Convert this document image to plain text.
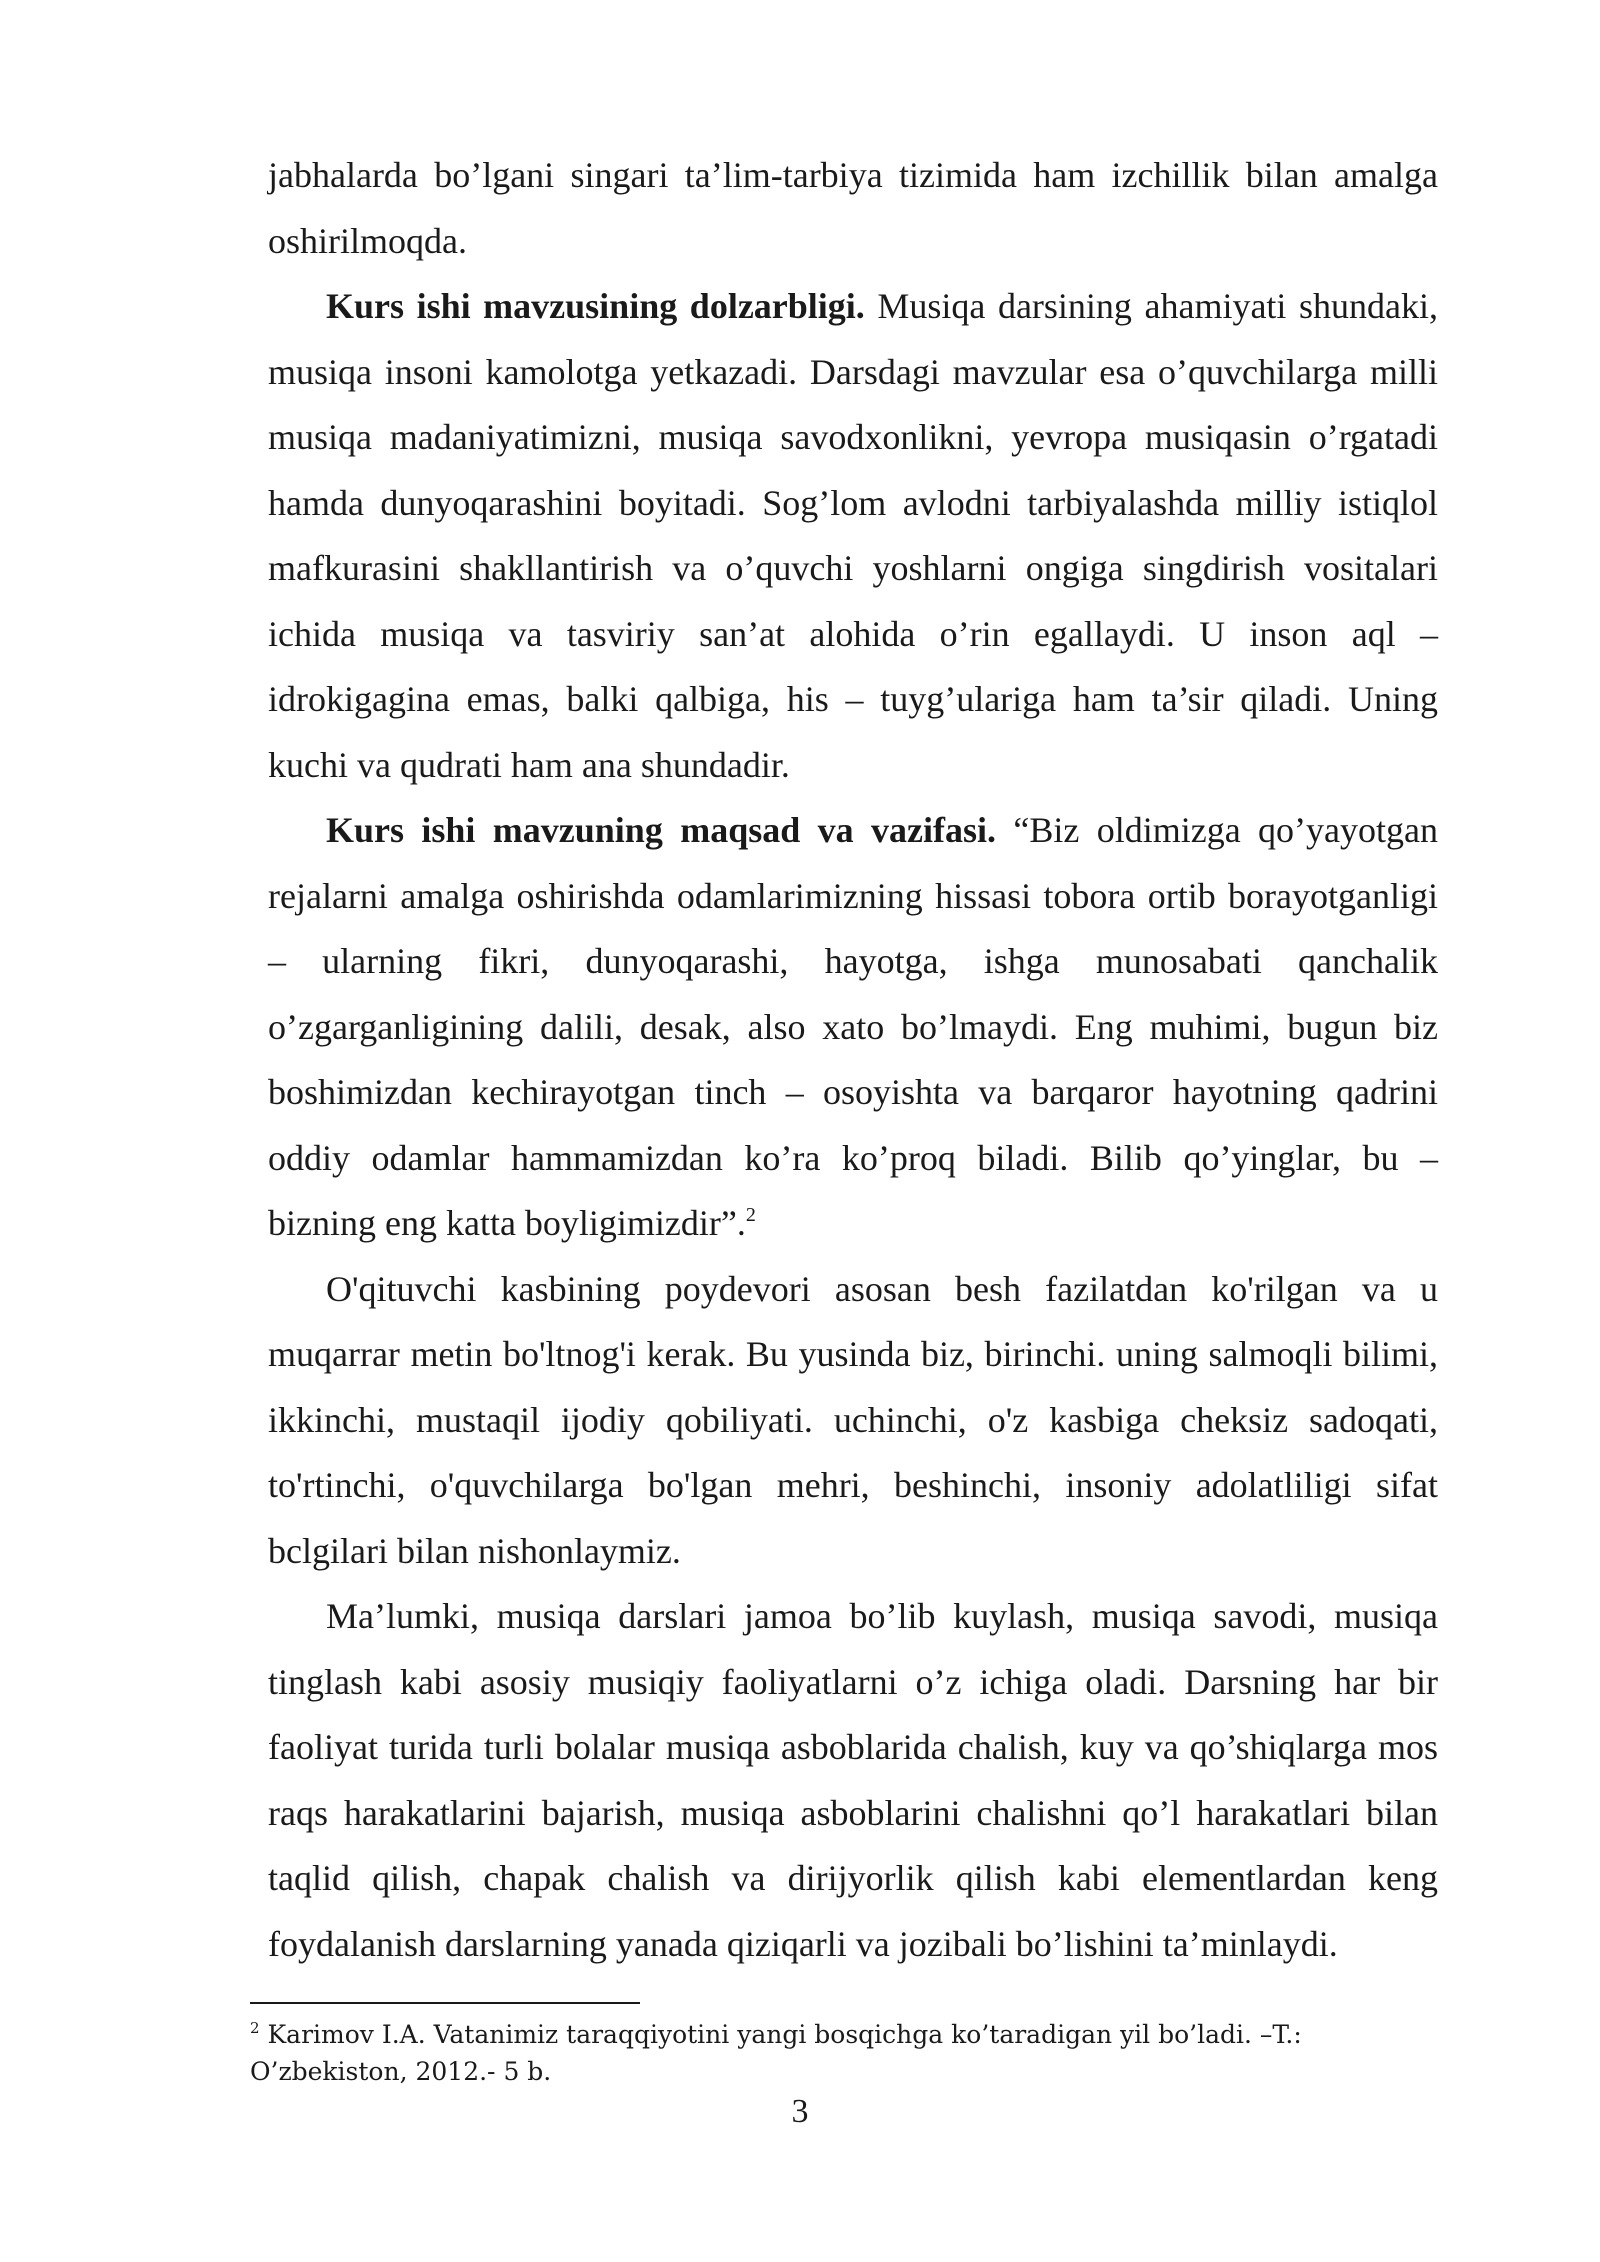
jabhalarda bo’lgani singari ta’lim-tarbiya tizimida ham izchillik bilan amalga oshirilmoqda.

Kurs ishi mavzusining dolzarbligi. Musiqa darsining ahamiyati shundaki, musiqa insoni kamolotga yetkazadi. Darsdagi mavzular esa o’quvchilarga milli musiqa madaniyatimizni, musiqa savodxonlikni, yevropa musiqasin o’rgatadi hamda dunyoqarashini boyitadi. Sog’lom avlodni tarbiyalashda milliy istiqlol mafkurasini shakllantirish va o’quvchi yoshlarni ongiga singdirish vositalari ichida musiqa va tasviriy san’at alohida o’rin egallaydi. U inson aql – idrokigagina emas, balki qalbiga, his – tuyg’ulariga ham ta’sir qiladi. Uning kuchi va qudrati ham ana shundadir.

Kurs ishi mavzuning maqsad va vazifasi. “Biz oldimizga qo’yayotgan rejalarni amalga oshirishda odamlarimizning hissasi tobora ortib borayotganligi – ularning fikri, dunyoqarashi, hayotga, ishga munosabati qanchalik o’zgarganligining dalili, desak, also xato bo’lmaydi. Eng muhimi, bugun biz boshimizdan kechirayotgan tinch – osoyishta va barqaror hayotning qadrini oddiy odamlar hammamizdan ko’ra ko’proq biladi. Bilib qo’yinglar, bu – bizning eng katta boyligimizdir”.$^2$

O'qituvchi kasbining poydevori asosan besh fazilatdan ko'rilgan va u muqarrar metin bo'ltnog'i kerak. Bu yusinda biz, birinchi. uning salmoqli bilimi, ikkinchi, mustaqil ijodiy qobiliyati. uchinchi, o'z kasbiga cheksiz sadoqati, to'rtinchi, o'quvchilarga bo'lgan mehri, beshinchi, insoniy adolatliligi sifat bclgilari bilan nishonlaymiz.

Ma’lumki, musiqa darslari jamoa bo’lib kuylash, musiqa savodi, musiqa tinglash kabi asosiy musiqiy faoliyatlarni o’z ichiga oladi. Darsning har bir faoliyat turida turli bolalar musiqa asboblarida chalish, kuy va qo’shiqlarga mos raqs harakatlarini bajarish, musiqa asboblarini chalishni qo’l harakatlari bilan taqlid qilish, chapak chalish va dirijyorlik qilish kabi elementlardan keng foydalanish darslarning yanada qiziqarli va jozibali bo’lishini ta’minlaydi.

$^2$ Karimov I.A. Vatanimiz taraqqiyotini yangi bosqichga ko’taradigan yil bo’ladi. –T.: O’zbekiston, 2012.- 5 b.
3
